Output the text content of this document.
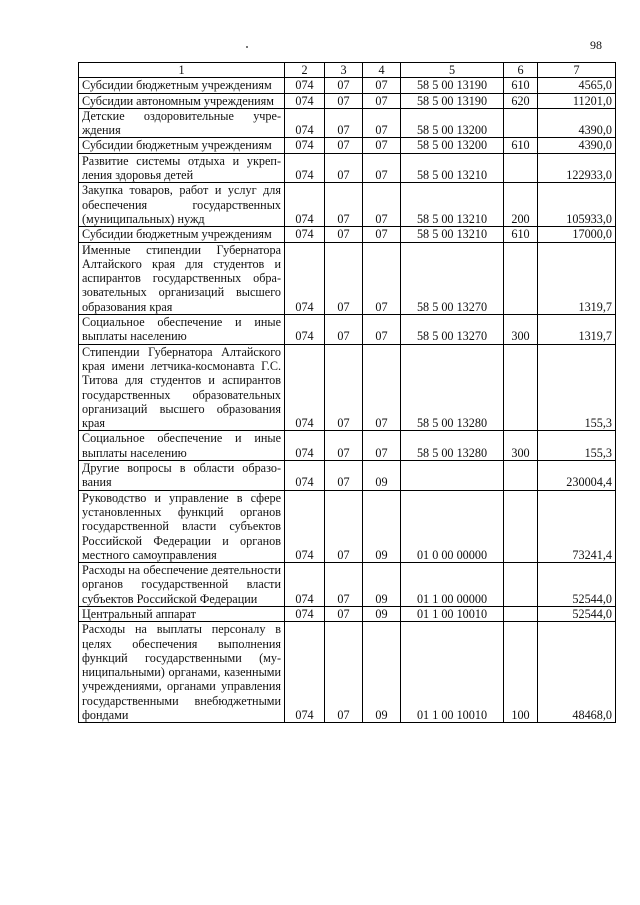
98
1	2	3	4	5	6	7
Субсидии бюджетным учреждениям	074	07	07	58 5 00 13190	610	4565,0
Субсидии автономным учреждениям	074	07	07	58 5 00 13190	620	11201,0
Детские оздоровительные учреждения	074	07	07	58 5 00 13200		4390,0
Субсидии бюджетным учреждениям	074	07	07	58 5 00 13200	610	4390,0
Развитие системы отдыха и укрепления здоровья детей	074	07	07	58 5 00 13210		122933,0
Закупка товаров, работ и услуг для обеспечения государственных (муниципальных) нужд	074	07	07	58 5 00 13210	200	105933,0
Субсидии бюджетным учреждениям	074	07	07	58 5 00 13210	610	17000,0
Именные стипендии Губернатора Алтайского края для студентов и аспирантов государственных образовательных организаций высшего образования края	074	07	07	58 5 00 13270		1319,7
Социальное обеспечение и иные выплаты населению	074	07	07	58 5 00 13270	300	1319,7
Стипендии Губернатора Алтайского края имени летчика-космонавта Г.С. Титова для студентов и аспирантов государственных образовательных организаций высшего образования края	074	07	07	58 5 00 13280		155,3
Социальное обеспечение и иные выплаты населению	074	07	07	58 5 00 13280	300	155,3
Другие вопросы в области образования	074	07	09			230004,4
Руководство и управление в сфере установленных функций органов государственной власти субъектов Российской Федерации и органов местного самоуправления	074	07	09	01 0 00 00000		73241,4
Расходы на обеспечение деятельности органов государственной власти субъектов Российской Федерации	074	07	09	01 1 00 00000		52544,0
Центральный аппарат	074	07	09	01 1 00 10010		52544,0
Расходы на выплаты персоналу в целях обеспечения выполнения функций государственными (муниципальными) органами, казенными учреждениями, органами управления государственными внебюджетными фондами	074	07	09	01 1 00 10010	100	48468,0
